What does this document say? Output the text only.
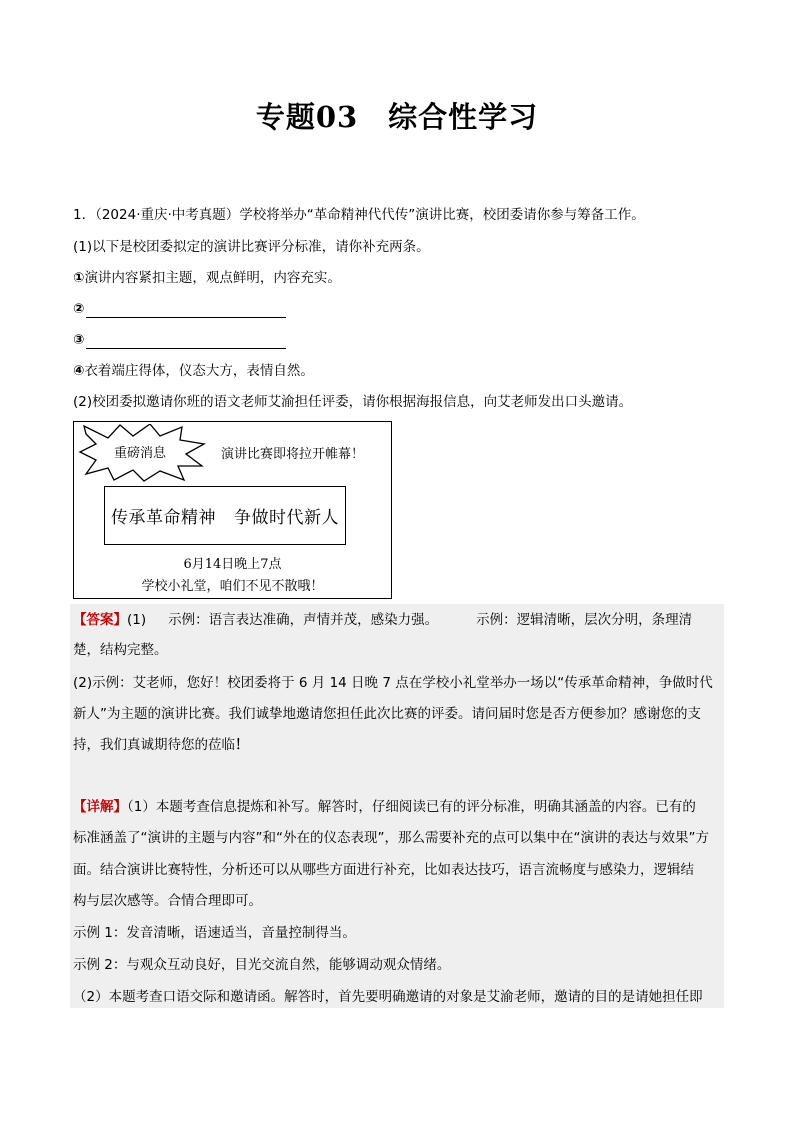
专题03　综合性学习
1．（2024·重庆·中考真题）学校将举办“革命精神代代传”演讲比赛，校团委请你参与筹备工作。
(1)以下是校团委拟定的演讲比赛评分标准，请你补充两条。
①演讲内容紧扣主题，观点鲜明，内容充实。
②
③
④衣着端庄得体，仪态大方，表情自然。
(2)校团委拟邀请你班的语文老师艾渝担任评委，请你根据海报信息，向艾老师发出口头邀请。
重磅消息	演讲比赛即将拉开帷幕！
传承革命精神 争做时代新人
6月14日晚上7点
学校小礼堂，咱们不见不散哦！
【答案】(1) 示例：语言表达准确，声情并茂，感染力强。	示例：逻辑清晰，层次分明，条理清
楚，结构完整。
(2)示例：艾老师，您好！校团委将于 6 月 14 日晚 7 点在学校小礼堂举办一场以“传承革命精神，争做时代
新人”为主题的演讲比赛。我们诚挚地邀请您担任此次比赛的评委。请问届时您是否方便参加？感谢您的支
持，我们真诚期待您的莅临！
【详解】（1）本题考查信息提炼和补写。解答时，仔细阅读已有的评分标准，明确其涵盖的内容。已有的
标准涵盖了“演讲的主题与内容”和“外在的仪态表现”，那么需要补充的点可以集中在“演讲的表达与效果”方
面。结合演讲比赛特性，分析还可以从哪些方面进行补充，比如表达技巧，语言流畅度与感染力，逻辑结
构与层次感等。合情合理即可。
示例 1：发音清晰，语速适当，音量控制得当。
示例 2：与观众互动良好，目光交流自然，能够调动观众情绪。
（2）本题考查口语交际和邀请函。解答时，首先要明确邀请的对象是艾渝老师，邀请的目的是请她担任即
